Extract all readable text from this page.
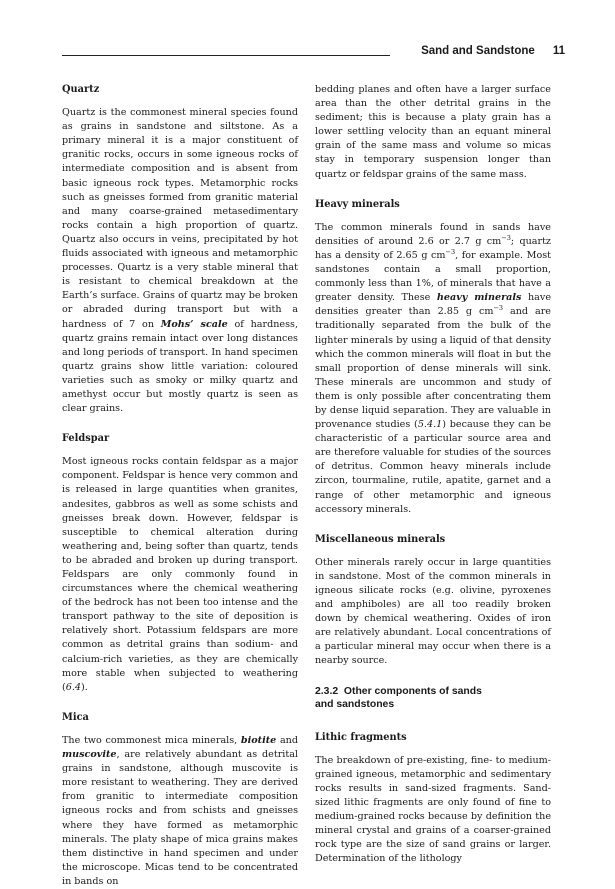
Sand and Sandstone 11
Quartz

Quartz is the commonest mineral species found as grains in sandstone and siltstone. As a primary mineral it is a major constituent of granitic rocks, occurs in some igneous rocks of intermediate composition and is absent from basic igneous rock types. Metamorphic rocks such as gneisses formed from granitic material and many coarse-grained metasedimentary rocks contain a high proportion of quartz. Quartz also occurs in veins, precipitated by hot fluids associated with igneous and metamorphic processes. Quartz is a very stable mineral that is resistant to chemical breakdown at the Earth’s surface. Grains of quartz may be broken or abraded during transport but with a hardness of 7 on Mohs’ scale of hardness, quartz grains remain intact over long distances and long periods of transport. In hand specimen quartz grains show little variation: coloured varieties such as smoky or milky quartz and amethyst occur but mostly quartz is seen as clear grains.

Feldspar

Most igneous rocks contain feldspar as a major component. Feldspar is hence very common and is released in large quantities when granites, andesites, gabbros as well as some schists and gneisses break down. However, feldspar is susceptible to chemical alteration during weathering and, being softer than quartz, tends to be abraded and broken up during transport. Feldspars are only commonly found in circumstances where the chemical weathering of the bedrock has not been too intense and the transport pathway to the site of deposition is relatively short. Potassium feldspars are more common as detrital grains than sodium- and calcium-rich varieties, as they are chemically more stable when subjected to weathering (6.4).

Mica

The two commonest mica minerals, biotite and muscovite, are relatively abundant as detrital grains in sandstone, although muscovite is more resistant to weathering. They are derived from granitic to intermediate composition igneous rocks and from schists and gneisses where they have formed as metamorphic minerals. The platy shape of mica grains makes them distinctive in hand specimen and under the microscope. Micas tend to be concentrated in bands on

bedding planes and often have a larger surface area than the other detrital grains in the sediment; this is because a platy grain has a lower settling velocity than an equant mineral grain of the same mass and volume so micas stay in temporary suspension longer than quartz or feldspar grains of the same mass.

Heavy minerals

The common minerals found in sands have densities of around 2.6 or 2.7 g $cm^{-3}$; quartz has a density of 2.65 g $cm^{-3}$, for example. Most sandstones contain a small proportion, commonly less than 1%, of minerals that have a greater density. These heavy minerals have densities greater than 2.85 g $cm^{-3}$ and are traditionally separated from the bulk of the lighter minerals by using a liquid of that density which the common minerals will float in but the small proportion of dense minerals will sink. These minerals are uncommon and study of them is only possible after concentrating them by dense liquid separation. They are valuable in provenance studies (5.4.1) because they can be characteristic of a particular source area and are therefore valuable for studies of the sources of detritus. Common heavy minerals include zircon, tourmaline, rutile, apatite, garnet and a range of other metamorphic and igneous accessory minerals.

Miscellaneous minerals

Other minerals rarely occur in large quantities in sandstone. Most of the common minerals in igneous silicate rocks (e.g. olivine, pyroxenes and amphiboles) are all too readily broken down by chemical weathering. Oxides of iron are relatively abundant. Local concentrations of a particular mineral may occur when there is a nearby source.

2.3.2 Other components of sands
and sandstones
Lithic fragments

The breakdown of pre-existing, fine- to medium-grained igneous, metamorphic and sedimentary rocks results in sand-sized fragments. Sand-sized lithic fragments are only found of fine to medium-grained rocks because by definition the mineral crystal and grains of a coarser-grained rock type are the size of sand grains or larger. Determination of the lithology
